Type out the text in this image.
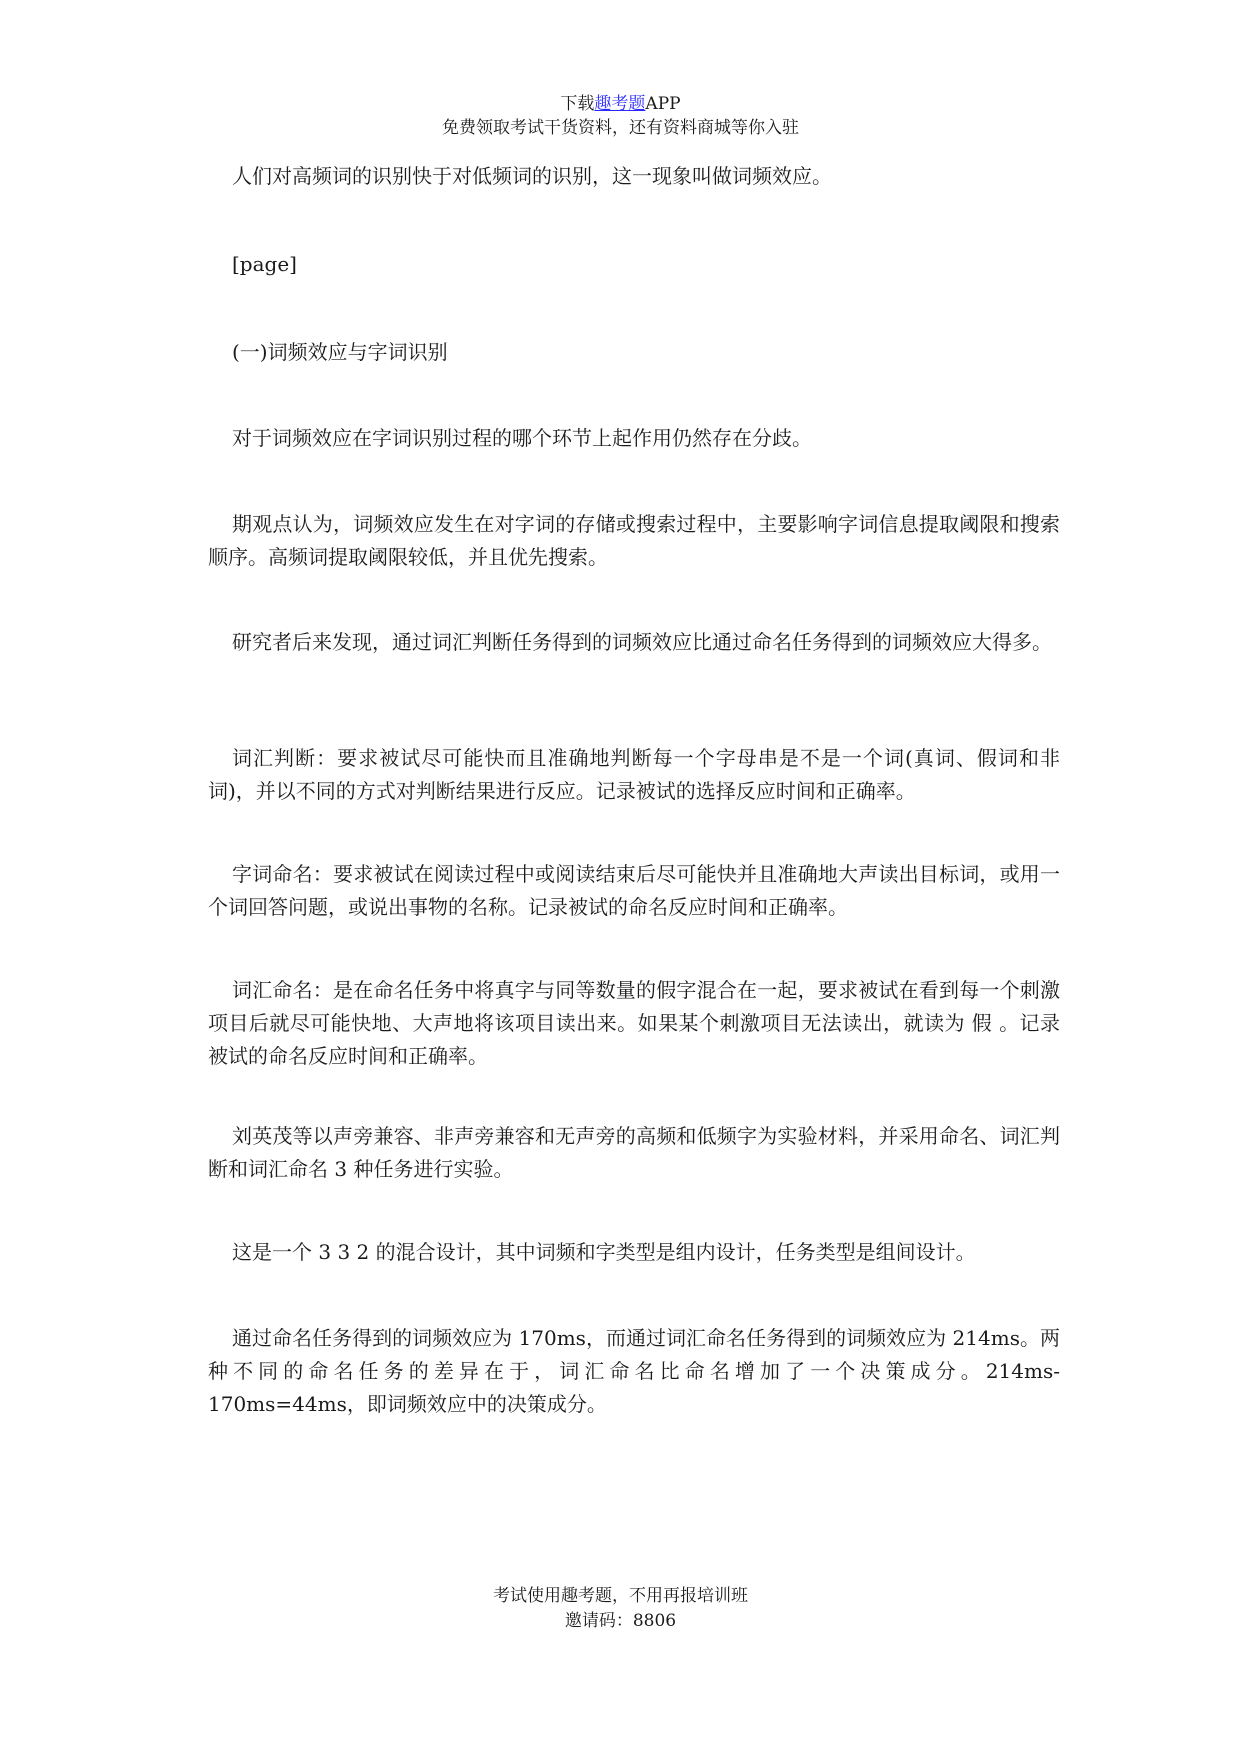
下载趣考题APP
免费领取考试干货资料，还有资料商城等你入驻

人们对高频词的识别快于对低频词的识别，这一现象叫做词频效应。

[page]

(一)词频效应与字词识别

对于词频效应在字词识别过程的哪个环节上起作用仍然存在分歧。

期观点认为，词频效应发生在对字词的存储或搜索过程中，主要影响字词信息提取阈限和搜索顺序。高频词提取阈限较低，并且优先搜索。

研究者后来发现，通过词汇判断任务得到的词频效应比通过命名任务得到的词频效应大得多。

词汇判断：要求被试尽可能快而且准确地判断每一个字母串是不是一个词(真词、假词和非词)，并以不同的方式对判断结果进行反应。记录被试的选择反应时间和正确率。

字词命名：要求被试在阅读过程中或阅读结束后尽可能快并且准确地大声读出目标词，或用一个词回答问题，或说出事物的名称。记录被试的命名反应时间和正确率。

词汇命名：是在命名任务中将真字与同等数量的假字混合在一起，要求被试在看到每一个刺激项目后就尽可能快地、大声地将该项目读出来。如果某个刺激项目无法读出，就读为 假 。记录被试的命名反应时间和正确率。

刘英茂等以声旁兼容、非声旁兼容和无声旁的高频和低频字为实验材料，并采用命名、词汇判断和词汇命名 3 种任务进行实验。

这是一个 3 3 2 的混合设计，其中词频和字类型是组内设计，任务类型是组间设计。

通过命名任务得到的词频效应为 170ms，而通过词汇命名任务得到的词频效应为 214ms。两种不同的命名任务的差异在于，词汇命名比命名增加了一个决策成分。214ms-170ms=44ms，即词频效应中的决策成分。

考试使用趣考题，不用再报培训班
邀请码：8806
